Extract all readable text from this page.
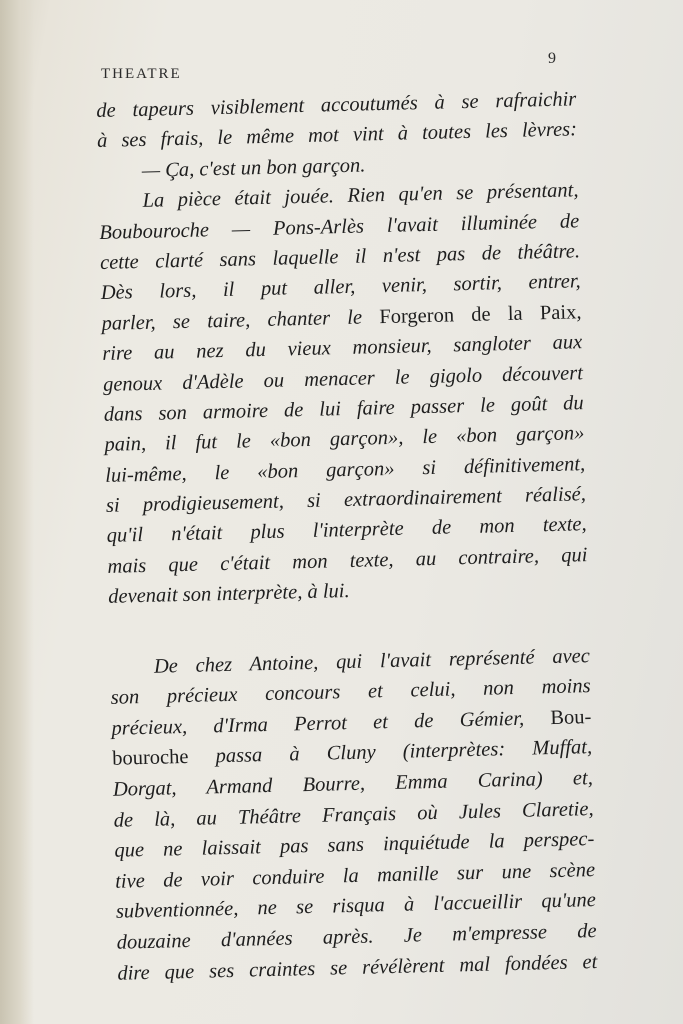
THEATRE
9
de tapeurs visiblement accoutumés à se rafraichir
à ses frais, le même mot vint à toutes les lèvres:
— Ça, c'est un bon garçon.
La pièce était jouée. Rien qu'en se présentant,
Boubouroche — Pons-Arlès l'avait illuminée de
cette clarté sans laquelle il n'est pas de théâtre.
Dès lors, il put aller, venir, sortir, entrer,
parler, se taire, chanter le Forgeron de la Paix,
rire au nez du vieux monsieur, sangloter aux
genoux d'Adèle ou menacer le gigolo découvert
dans son armoire de lui faire passer le goût du
pain, il fut le «bon garçon», le «bon garçon»
lui-même, le «bon garçon» si définitivement,
si prodigieusement, si extraordinairement réalisé,
qu'il n'était plus l'interprète de mon texte,
mais que c'était mon texte, au contraire, qui
devenait son interprète, à lui.
De chez Antoine, qui l'avait représenté avec
son précieux concours et celui, non moins
précieux, d'Irma Perrot et de Gémier, Bou-
bouroche passa à Cluny (interprètes: Muffat,
Dorgat, Armand Bourre, Emma Carina) et,
de là, au Théâtre Français où Jules Claretie,
que ne laissait pas sans inquiétude la perspec-
tive de voir conduire la manille sur une scène
subventionnée, ne se risqua à l'accueillir qu'une
douzaine d'années après. Je m'empresse de
dire que ses craintes se révélèrent mal fondées et
